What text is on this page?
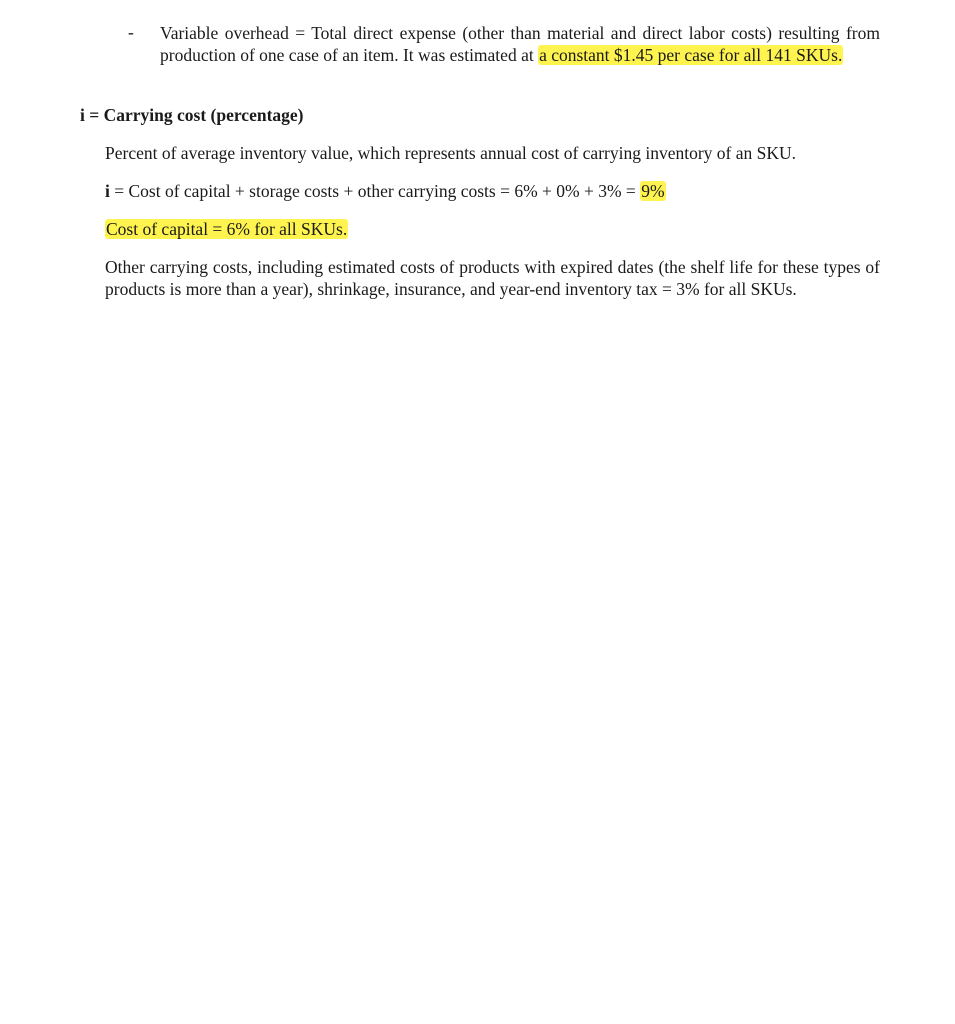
- Variable overhead = Total direct expense (other than material and direct labor costs) resulting from production of one case of an item. It was estimated at a constant $1.45 per case for all 141 SKUs.
i = Carrying cost (percentage)
Percent of average inventory value, which represents annual cost of carrying inventory of an SKU.
i = Cost of capital + storage costs + other carrying costs = 6% + 0% + 3% = 9%
Cost of capital = 6% for all SKUs.
Other carrying costs, including estimated costs of products with expired dates (the shelf life for these types of products is more than a year), shrinkage, insurance, and year-end inventory tax = 3% for all SKUs.
